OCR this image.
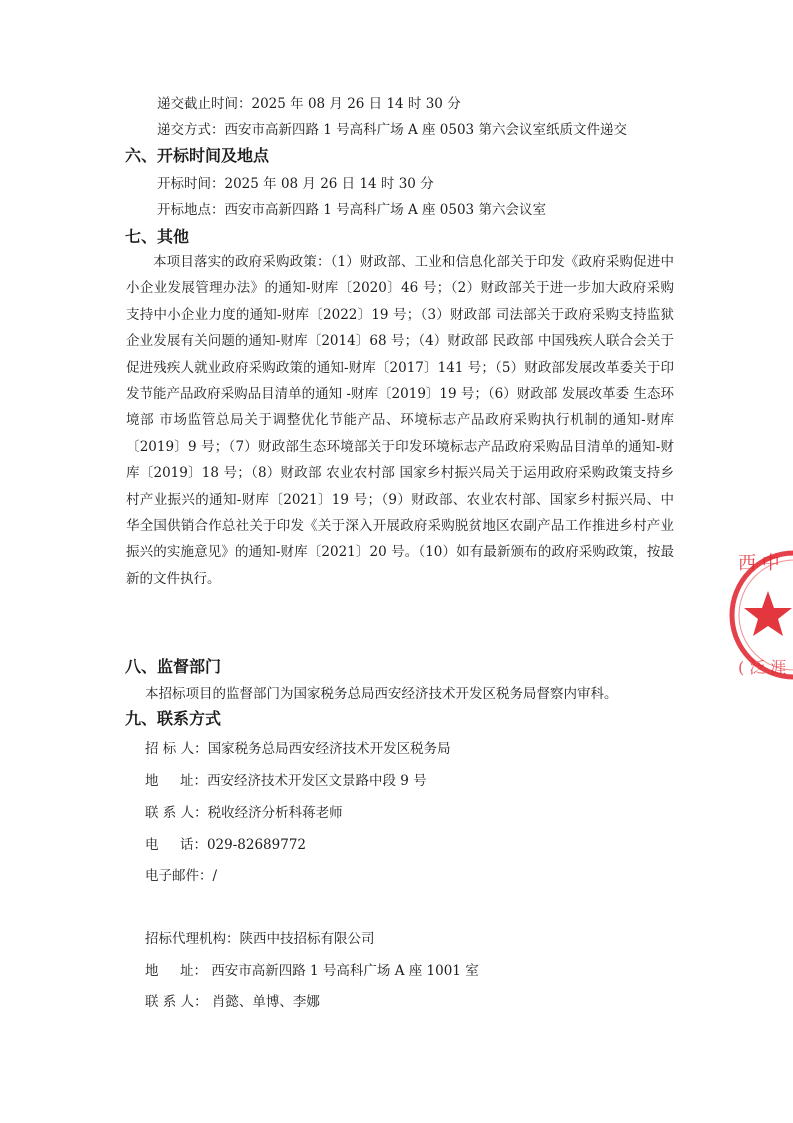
递交截止时间：2025 年 08 月 26 日 14 时 30 分
递交方式：西安市高新四路 1 号高科广场 A 座 0503 第六会议室纸质文件递交
六、开标时间及地点
开标时间：2025 年 08 月 26 日 14 时 30 分
开标地点：西安市高新四路 1 号高科广场 A 座 0503 第六会议室
七、其他
本项目落实的政府采购政策：（1）财政部、工业和信息化部关于印发《政府采购促进中小企业发展管理办法》的通知-财库〔2020〕46 号；（2）财政部关于进一步加大政府采购支持中小企业力度的通知-财库〔2022〕19 号；（3）财政部 司法部关于政府采购支持监狱企业发展有关问题的通知-财库〔2014〕68 号；（4）财政部 民政部 中国残疾人联合会关于促进残疾人就业政府采购政策的通知-财库〔2017〕141 号；（5）财政部发展改革委关于印发节能产品政府采购品目清单的通知 -财库〔2019〕19 号；（6）财政部 发展改革委 生态环境部 市场监管总局关于调整优化节能产品、环境标志产品政府采购执行机制的通知-财库〔2019〕9 号；（7）财政部生态环境部关于印发环境标志产品政府采购品目清单的通知-财库〔2019〕18 号；（8）财政部 农业农村部 国家乡村振兴局关于运用政府采购政策支持乡村产业振兴的通知-财库〔2021〕19 号；（9）财政部、农业农村部、国家乡村振兴局、中华全国供销合作总社关于印发《关于深入开展政府采购脱贫地区农副产品工作推进乡村产业振兴的实施意见》的通知-财库〔2021〕20 号。（10）如有最新颁布的政府采购政策，按最新的文件执行。
八、监督部门
本招标项目的监督部门为国家税务总局西安经济技术开发区税务局督察内审科。
九、联系方式
招 标 人：国家税务总局西安经济技术开发区税务局
地     址：西安经济技术开发区文景路中段 9 号
联 系 人：税收经济分析科蒋老师
电     话：029-82689772
电子邮件：/
招标代理机构：陕西中技招标有限公司
地     址： 西安市高新四路 1 号高科广场 A 座 1001 室
联 系 人： 肖懿、单博、李娜
西 中
( 泛 涯
